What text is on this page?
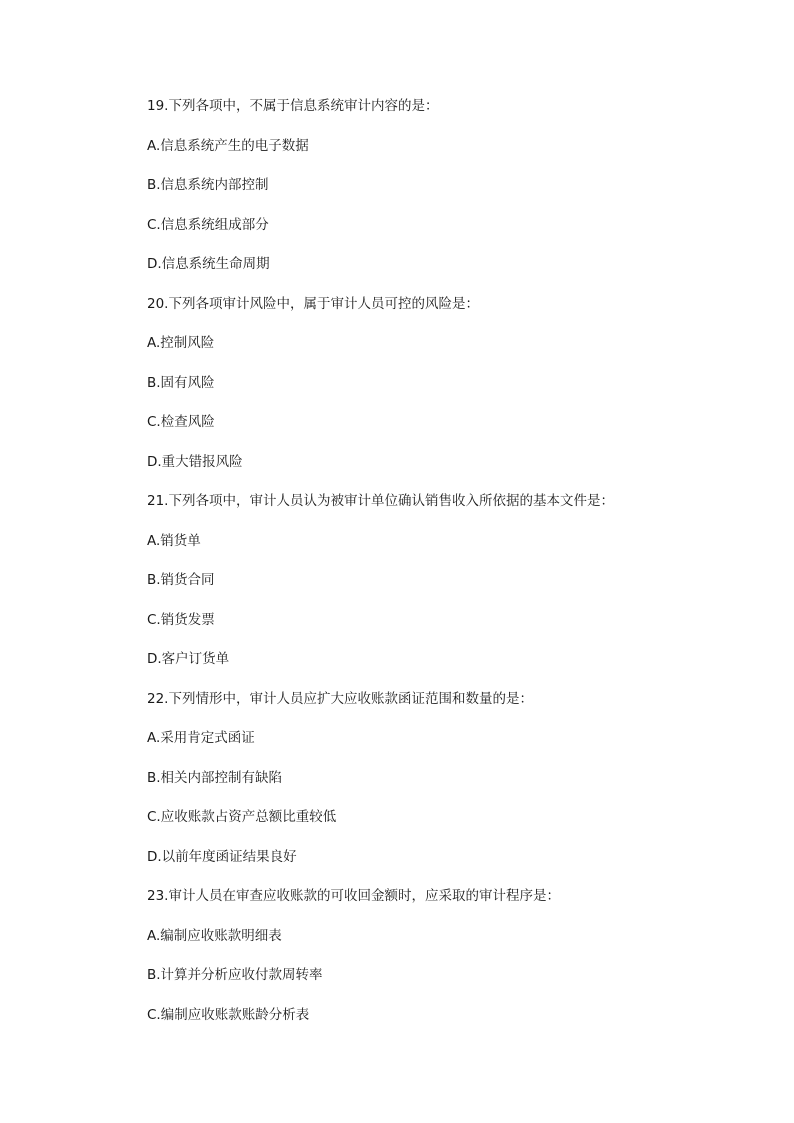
19.下列各项中，不属于信息系统审计内容的是：
A.信息系统产生的电子数据
B.信息系统内部控制
C.信息系统组成部分
D.信息系统生命周期
20.下列各项审计风险中，属于审计人员可控的风险是：
A.控制风险
B.固有风险
C.检查风险
D.重大错报风险
21.下列各项中，审计人员认为被审计单位确认销售收入所依据的基本文件是：
A.销货单
B.销货合同
C.销货发票
D.客户订货单
22.下列情形中，审计人员应扩大应收账款函证范围和数量的是：
A.采用肯定式函证
B.相关内部控制有缺陷
C.应收账款占资产总额比重较低
D.以前年度函证结果良好
23.审计人员在审查应收账款的可收回金额时，应采取的审计程序是：
A.编制应收账款明细表
B.计算并分析应收付款周转率
C.编制应收账款账龄分析表
